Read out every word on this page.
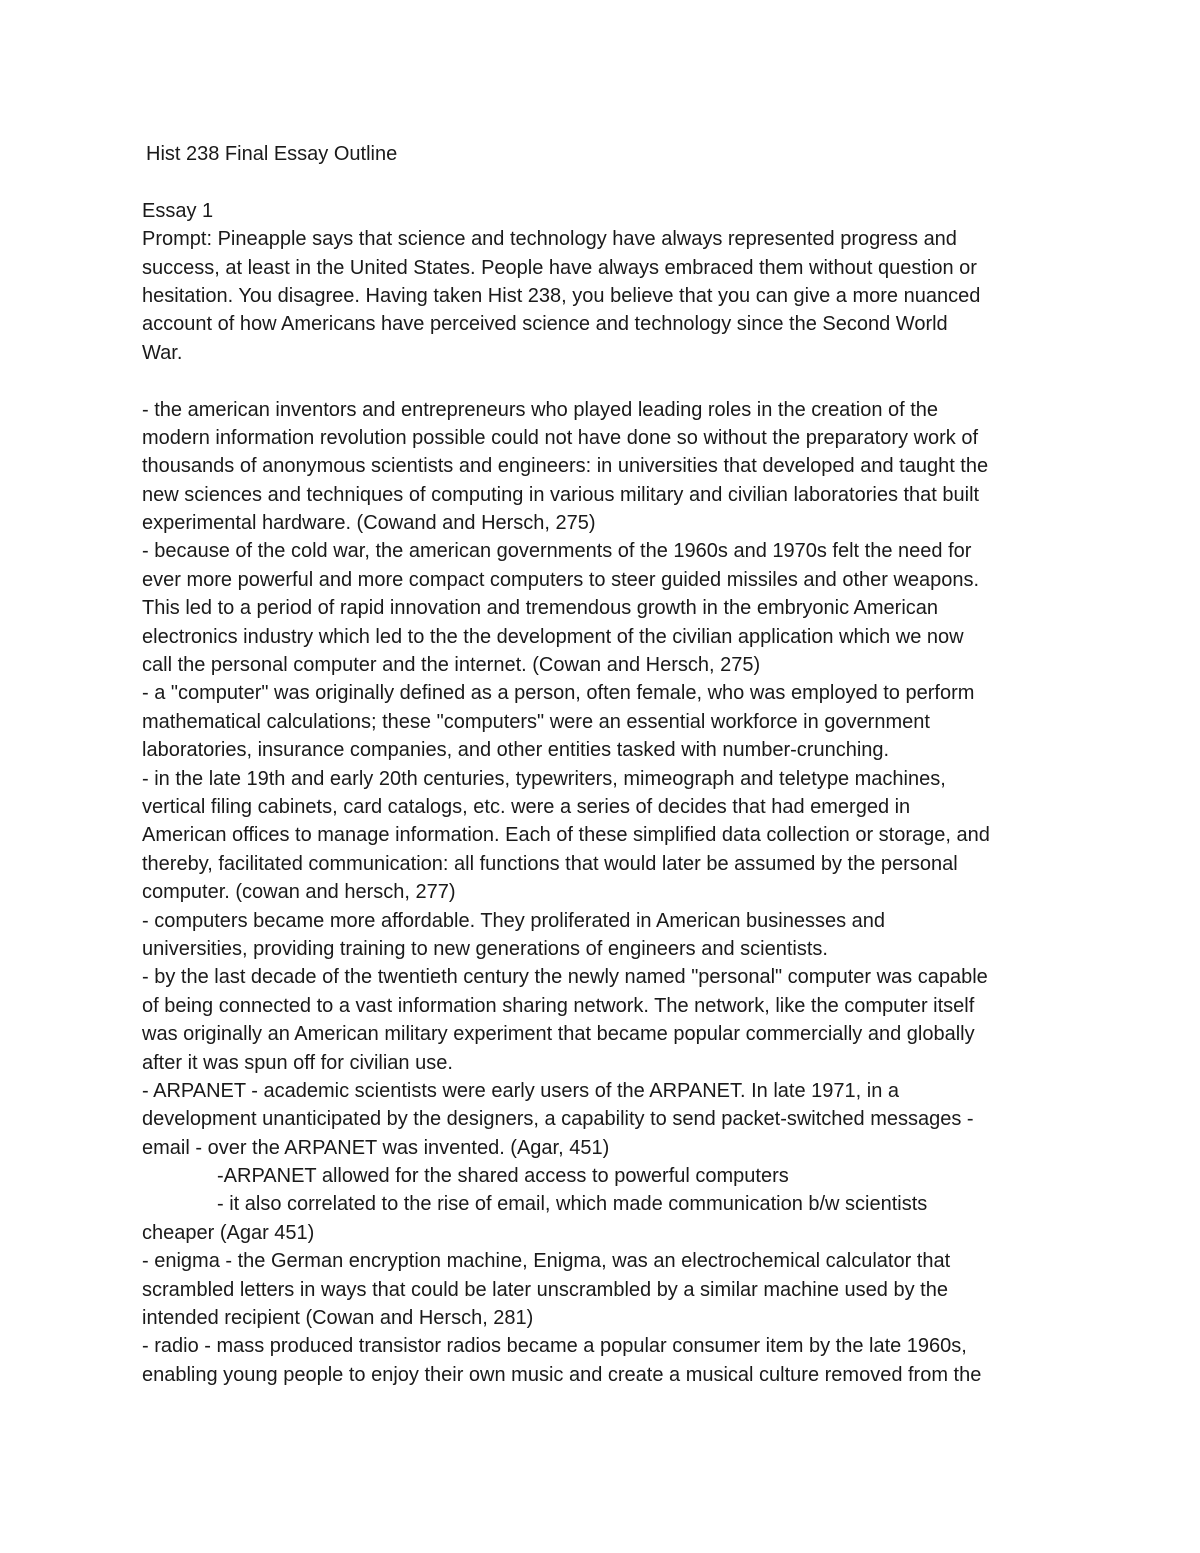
Hist 238 Final Essay Outline
Essay 1
Prompt: Pineapple says that science and technology have always represented progress and
success, at least in the United States. People have always embraced them without question or
hesitation. You disagree. Having taken Hist 238, you believe that you can give a more nuanced
account of how Americans have perceived science and technology since the Second World
War.
- the american inventors and entrepreneurs who played leading roles in the creation of the
modern information revolution possible could not have done so without the preparatory work of
thousands of anonymous scientists and engineers: in universities that developed and taught the
new sciences and techniques of computing in various military and civilian laboratories that built
experimental hardware. (Cowand and Hersch, 275)
- because of the cold war, the american governments of the 1960s and 1970s felt the need for
ever more powerful and more compact computers to steer guided missiles and other weapons.
This led to a period of rapid innovation and tremendous growth in the embryonic American
electronics industry which led to the the development of the civilian application which we now
call the personal computer and the internet. (Cowan and Hersch, 275)
- a "computer" was originally defined as a person, often female, who was employed to perform
mathematical calculations; these "computers" were an essential workforce in government
laboratories, insurance companies, and other entities tasked with number-crunching.
- in the late 19th and early 20th centuries, typewriters, mimeograph and teletype machines,
vertical filing cabinets, card catalogs, etc. were a series of decides that had emerged in
American offices to manage information. Each of these simplified data collection or storage, and
thereby, facilitated communication: all functions that would later be assumed by the personal
computer. (cowan and hersch, 277)
- computers became more affordable. They proliferated in American businesses and
universities, providing training to new generations of engineers and scientists.
- by the last decade of the twentieth century the newly named "personal" computer was capable
of being connected to a vast information sharing network. The network, like the computer itself
was originally an American military experiment that became popular commercially and globally
after it was spun off for civilian use.
- ARPANET - academic scientists were early users of the ARPANET. In late 1971, in a
development unanticipated by the designers, a capability to send packet-switched messages -
email - over the ARPANET was invented. (Agar, 451)
-ARPANET allowed for the shared access to powerful computers
- it also correlated to the rise of email, which made communication b/w scientists
cheaper (Agar 451)
- enigma - the German encryption machine, Enigma, was an electrochemical calculator that
scrambled letters in ways that could be later unscrambled by a similar machine used by the
intended recipient (Cowan and Hersch, 281)
- radio - mass produced transistor radios became a popular consumer item by the late 1960s,
enabling young people to enjoy their own music and create a musical culture removed from the
